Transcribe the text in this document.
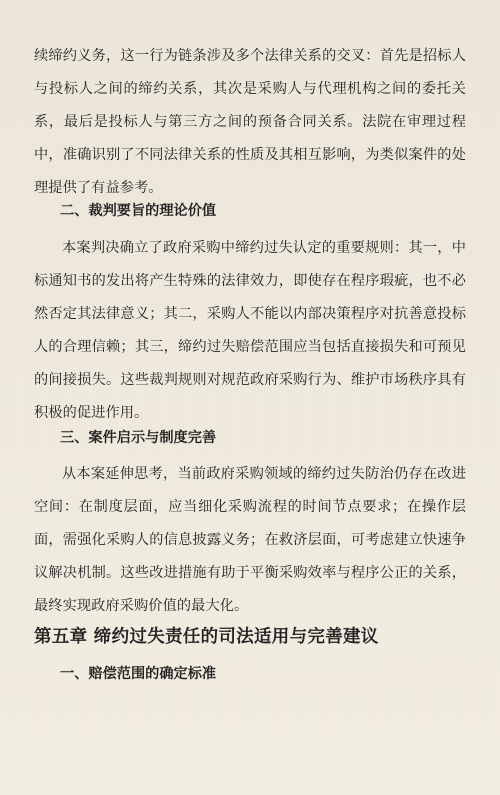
续缔约义务，这一行为链条涉及多个法律关系的交叉：首先是招标人与投标人之间的缔约关系，其次是采购人与代理机构之间的委托关系，最后是投标人与第三方之间的预备合同关系。法院在审理过程中，准确识别了不同法律关系的性质及其相互影响，为类似案件的处理提供了有益参考。

二、裁判要旨的理论价值

本案判决确立了政府采购中缔约过失认定的重要规则：其一，中标通知书的发出将产生特殊的法律效力，即使存在程序瑕疵，也不必然否定其法律意义；其二，采购人不能以内部决策程序对抗善意投标人的合理信赖；其三，缔约过失赔偿范围应当包括直接损失和可预见的间接损失。这些裁判规则对规范政府采购行为、维护市场秩序具有积极的促进作用。

三、案件启示与制度完善

从本案延伸思考，当前政府采购领域的缔约过失防治仍存在改进空间：在制度层面，应当细化采购流程的时间节点要求；在操作层面，需强化采购人的信息披露义务；在救济层面，可考虑建立快速争议解决机制。这些改进措施有助于平衡采购效率与程序公正的关系，最终实现政府采购价值的最大化。

第五章 缔约过失责任的司法适用与完善建议
一、赔偿范围的确定标准
